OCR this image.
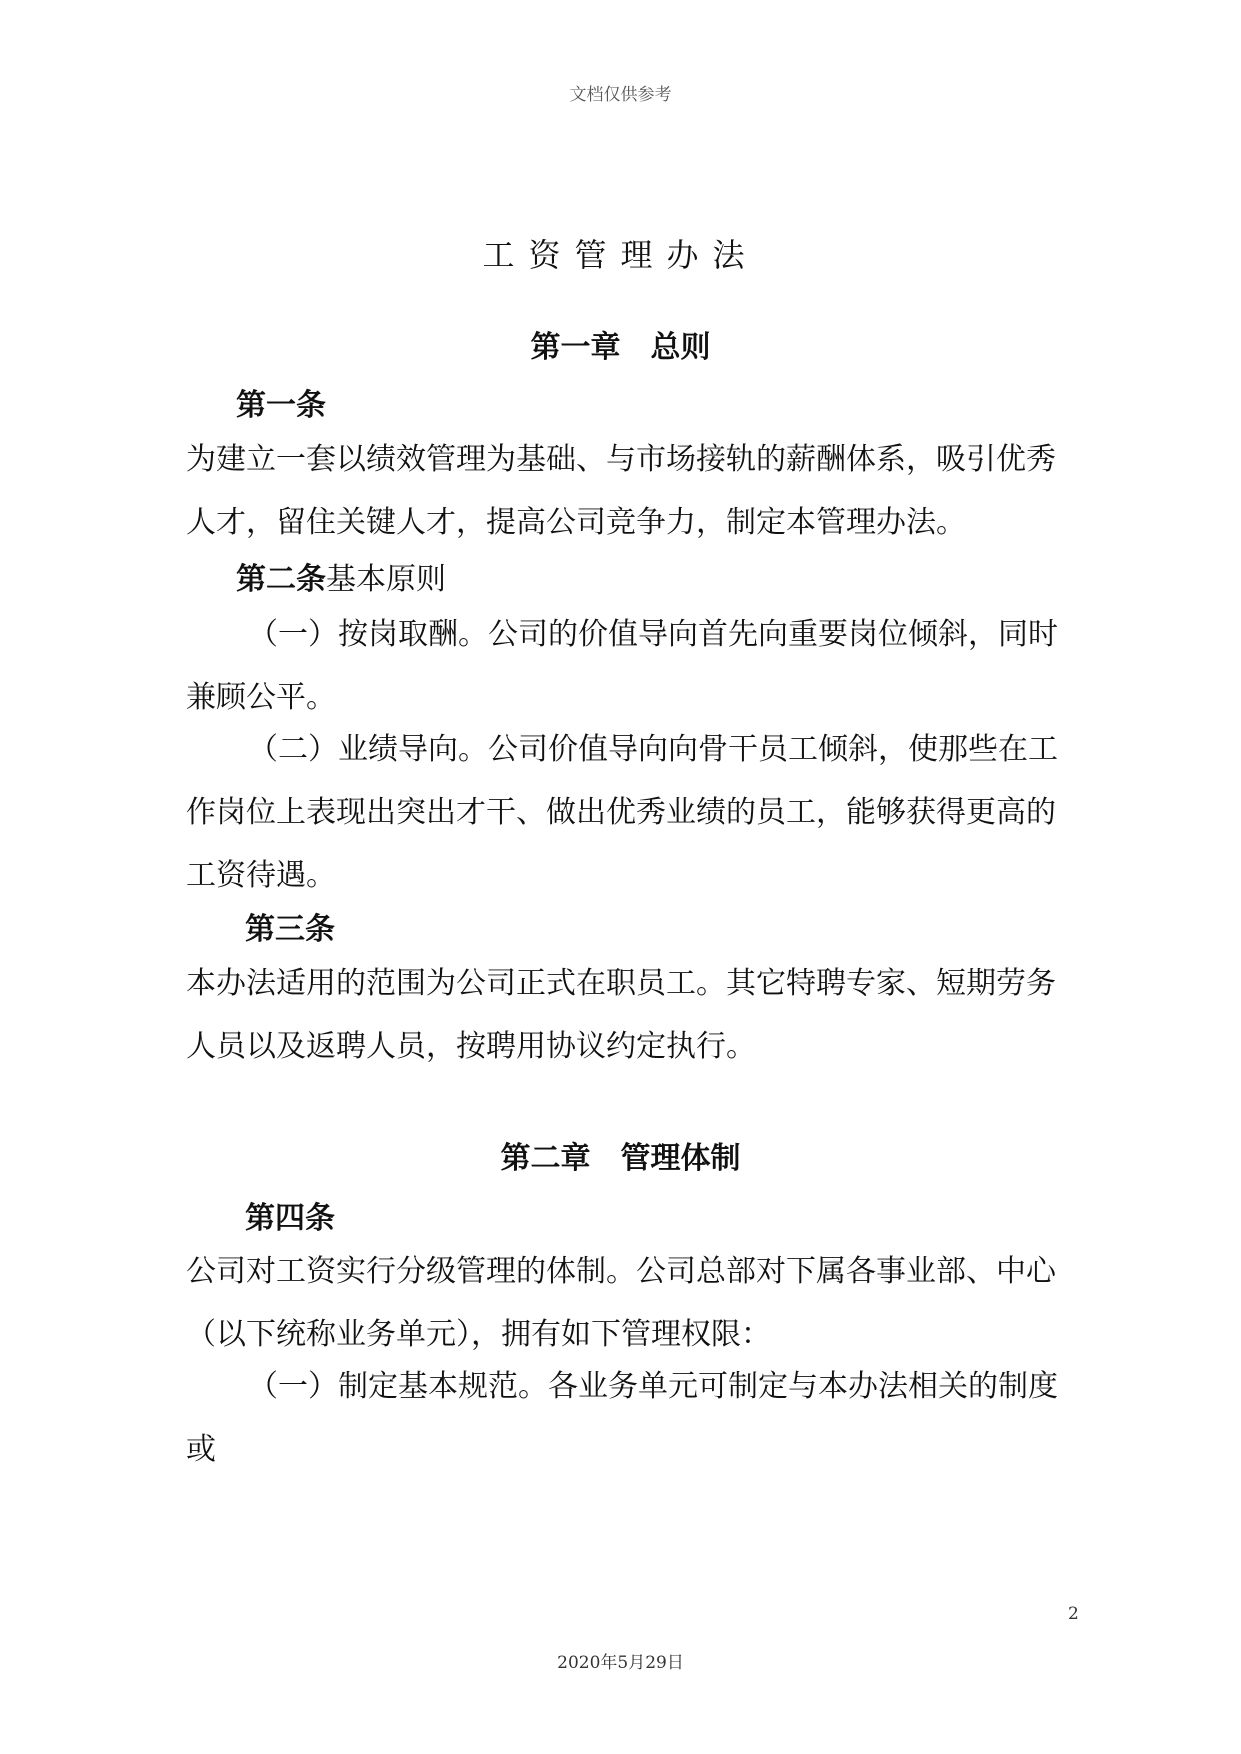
文档仅供参考
工资管理办法
第一章　总则
第一条

为建立一套以绩效管理为基础、与市场接轨的薪酬体系，吸引优秀人才，留住关键人才，提高公司竞争力，制定本管理办法。

第二条基本原则

（一）按岗取酬。公司的价值导向首先向重要岗位倾斜，同时兼顾公平。

（二）业绩导向。公司价值导向向骨干员工倾斜，使那些在工作岗位上表现出突出才干、做出优秀业绩的员工，能够获得更高的工资待遇。

第三条

本办法适用的范围为公司正式在职员工。其它特聘专家、短期劳务人员以及返聘人员，按聘用协议约定执行。

第二章　管理体制
第四条

公司对工资实行分级管理的体制。公司总部对下属各事业部、中心（以下统称业务单元），拥有如下管理权限：

（一）制定基本规范。各业务单元可制定与本办法相关的制度或

2
2020年5月29日
